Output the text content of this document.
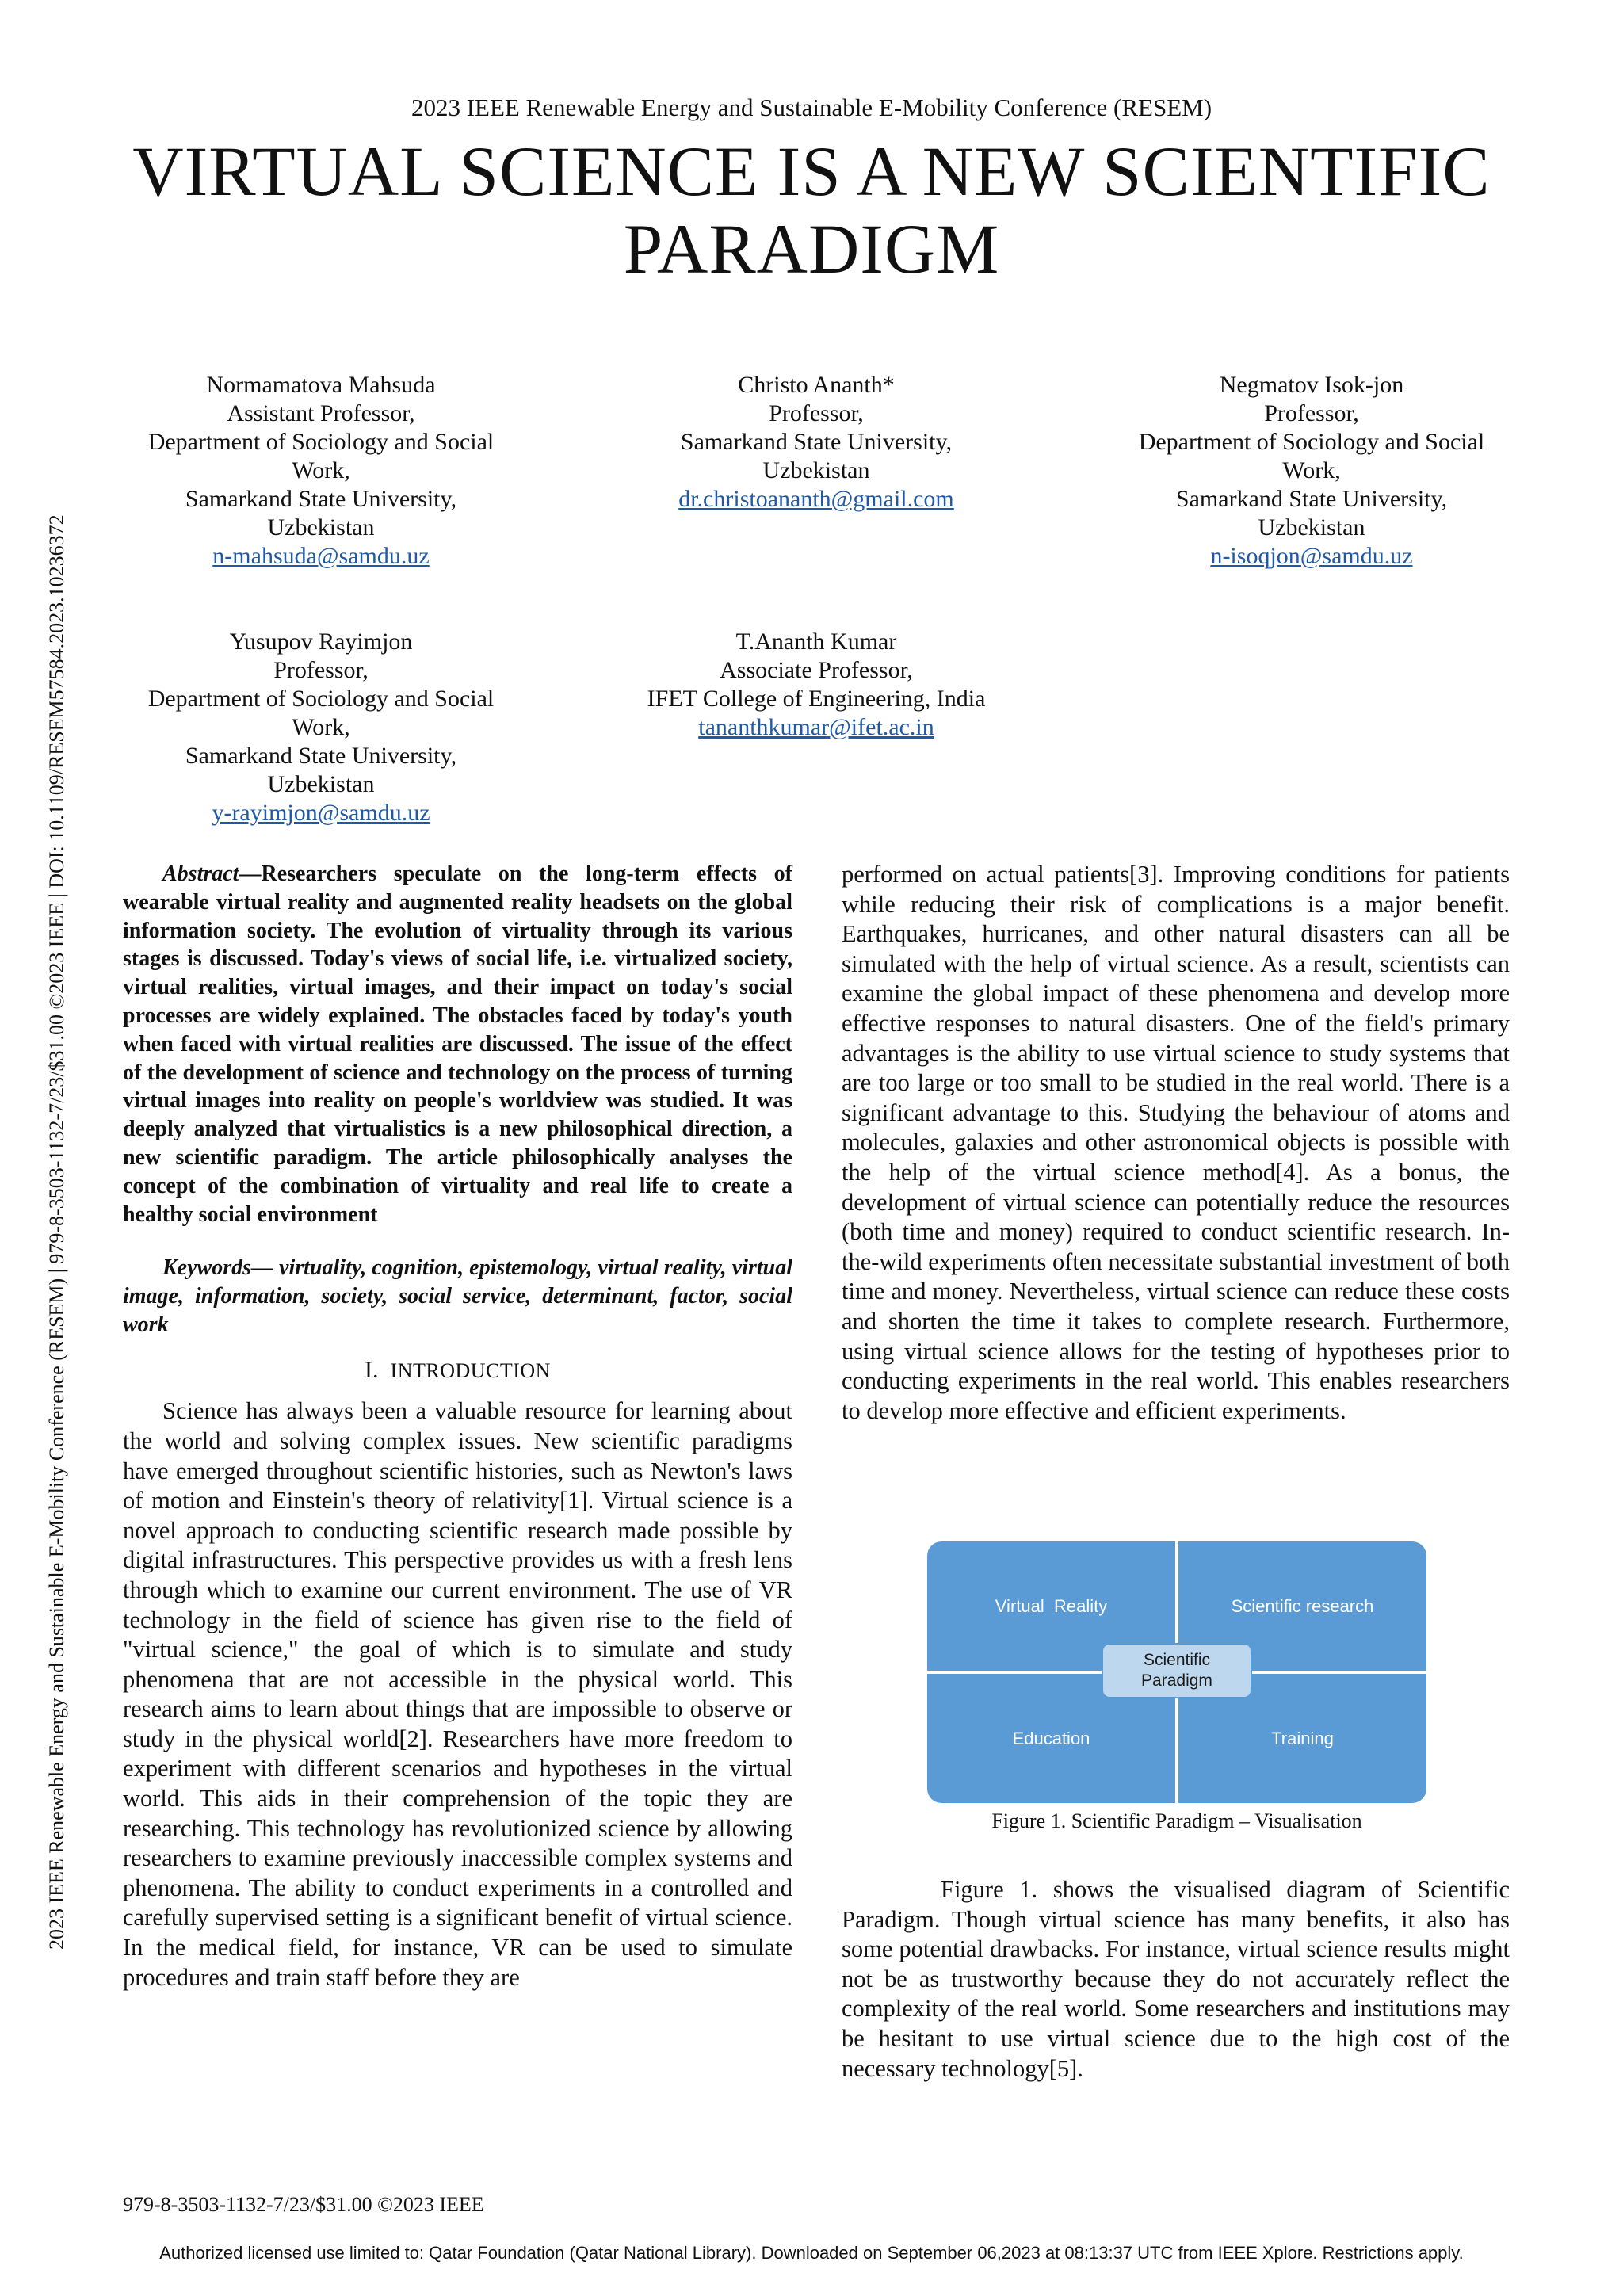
2023 IEEE Renewable Energy and Sustainable E-Mobility Conference (RESEM) | 979-8-3503-1132-7/23/$31.00 ©2023 IEEE | DOI: 10.1109/RESEM57584.2023.10236372
2023 IEEE Renewable Energy and Sustainable E-Mobility Conference (RESEM)
VIRTUAL SCIENCE IS A NEW SCIENTIFIC
PARADIGM
Normamatova Mahsuda
Assistant Professor,
Department of Sociology and Social
Work,
Samarkand State University,
Uzbekistan
n-mahsuda@samdu.uz
Christo Ananth*
Professor,
Samarkand State University,
Uzbekistan
dr.christoananth@gmail.com
Negmatov Isok-jon
Professor,
Department of Sociology and Social
Work,
Samarkand State University,
Uzbekistan
n-isoqjon@samdu.uz
Yusupov Rayimjon
Professor,
Department of Sociology and Social
Work,
Samarkand State University,
Uzbekistan
y-rayimjon@samdu.uz
T.Ananth Kumar
Associate Professor,
IFET College of Engineering, India
tananthkumar@ifet.ac.in

Abstract—Researchers speculate on the long-term effects of wearable virtual reality and augmented reality headsets on the global information society. The evolution of virtuality through its various stages is discussed. Today's views of social life, i.e. virtualized society, virtual realities, virtual images, and their impact on today's social processes are widely explained. The obstacles faced by today's youth when faced with virtual realities are discussed. The issue of the effect of the development of science and technology on the process of turning virtual images into reality on people's worldview was studied. It was deeply analyzed that virtualistics is a new philosophical direction, a new scientific paradigm. The article philosophically analyses the concept of the combination of virtuality and real life to create a healthy social environment

Keywords— virtuality, cognition, epistemology, virtual reality, virtual image, information, society, social service, determinant, factor, social work

I. INTRODUCTION

Science has always been a valuable resource for learning about the world and solving complex issues. New scientific paradigms have emerged throughout scientific histories, such as Newton's laws of motion and Einstein's theory of relativity[1]. Virtual science is a novel approach to conducting scientific research made possible by digital infrastructures. This perspective provides us with a fresh lens through which to examine our current environment. The use of VR technology in the field of science has given rise to the field of "virtual science," the goal of which is to simulate and study phenomena that are not accessible in the physical world. This research aims to learn about things that are impossible to observe or study in the physical world[2]. Researchers have more freedom to experiment with different scenarios and hypotheses in the virtual world. This aids in their comprehension of the topic they are researching. This technology has revolutionized science by allowing researchers to examine previously inaccessible complex systems and phenomena. The ability to conduct experiments in a controlled and carefully supervised setting is a significant benefit of virtual science. In the medical field, for instance, VR can be used to simulate procedures and train staff before they are

performed on actual patients[3]. Improving conditions for patients while reducing their risk of complications is a major benefit. Earthquakes, hurricanes, and other natural disasters can all be simulated with the help of virtual science. As a result, scientists can examine the global impact of these phenomena and develop more effective responses to natural disasters. One of the field's primary advantages is the ability to use virtual science to study systems that are too large or too small to be studied in the real world. There is a significant advantage to this. Studying the behaviour of atoms and molecules, galaxies and other astronomical objects is possible with the help of the virtual science method[4]. As a bonus, the development of virtual science can potentially reduce the resources (both time and money) required to conduct scientific research. In-the-wild experiments often necessitate substantial investment of both time and money. Nevertheless, virtual science can reduce these costs and shorten the time it takes to complete research. Furthermore, using virtual science allows for the testing of hypotheses prior to conducting experiments in the real world. This enables researchers to develop more effective and efficient experiments.

Virtual  Reality	Scientific research
Education	Training
Scientific Paradigm
Figure 1. Scientific Paradigm – Visualisation

Figure 1. shows the visualised diagram of Scientific Paradigm. Though virtual science has many benefits, it also has some potential drawbacks. For instance, virtual science results might not be as trustworthy because they do not accurately reflect the complexity of the real world. Some researchers and institutions may be hesitant to use virtual science due to the high cost of the necessary technology[5].

979-8-3503-1132-7/23/$31.00 ©2023 IEEE
Authorized licensed use limited to: Qatar Foundation (Qatar National Library). Downloaded on September 06,2023 at 08:13:37 UTC from IEEE Xplore. Restrictions apply.
